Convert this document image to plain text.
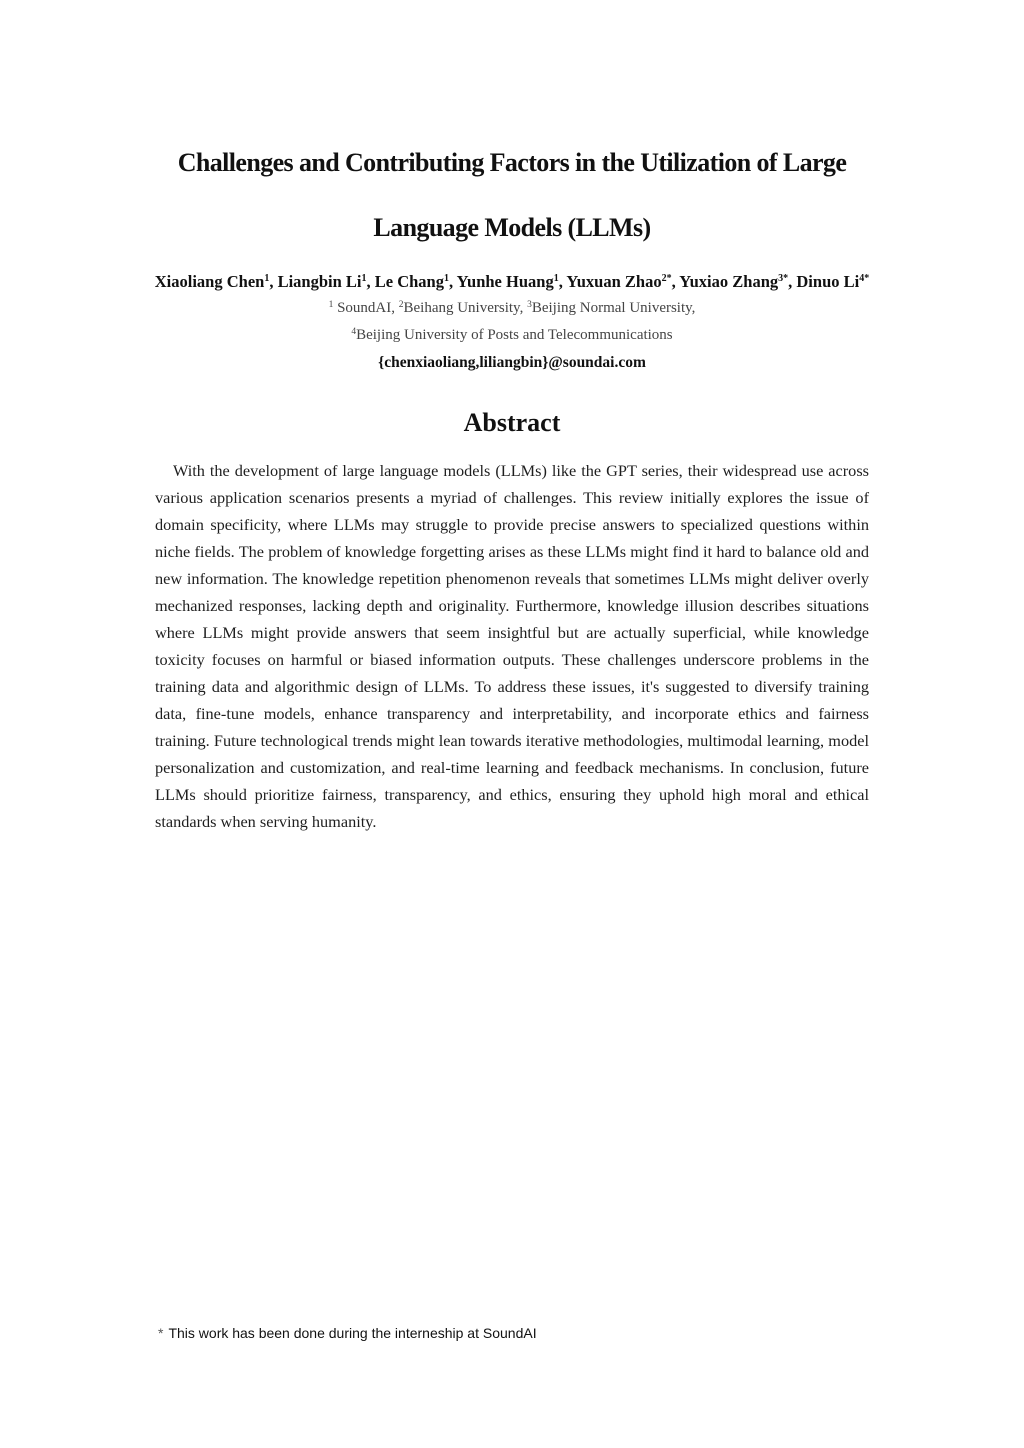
Challenges and Contributing Factors in the Utilization of Large
Language Models (LLMs)
Xiaoliang Chen$^1$, Liangbin Li$^1$, Le Chang$^1$, Yunhe Huang$^1$, Yuxuan Zhao$^{2*}$, Yuxiao Zhang$^{3*}$, Dinuo $Li^{4*}$
$^1$ SoundAI, $^2$Beihang University, $^3$Beijing Normal University,
$^4$Beijing University of Posts and Telecommunications
{chenxiaoliang,liliangbin}@soundai.com
Abstract
With the development of large language models (LLMs) like the GPT series, their widespread use across various application scenarios presents a myriad of challenges. This review initially explores the issue of domain specificity, where LLMs may struggle to provide precise answers to specialized questions within niche fields. The problem of knowledge forgetting arises as these LLMs might find it hard to balance old and new information. The knowledge repetition phenomenon reveals that sometimes LLMs might deliver overly mechanized responses, lacking depth and originality. Furthermore, knowledge illusion describes situations where LLMs might provide answers that seem insightful but are actually superficial, while knowledge toxicity focuses on harmful or biased information outputs. These challenges underscore problems in the training data and algorithmic design of LLMs. To address these issues, it's suggested to diversify training data, fine-tune models, enhance transparency and interpretability, and incorporate ethics and fairness training. Future technological trends might lean towards iterative methodologies, multimodal learning, model personalization and customization, and real-time learning and feedback mechanisms. In conclusion, future LLMs should prioritize fairness, transparency, and ethics, ensuring they uphold high moral and ethical standards when serving humanity.
* This work has been done during the interneship at SoundAI
